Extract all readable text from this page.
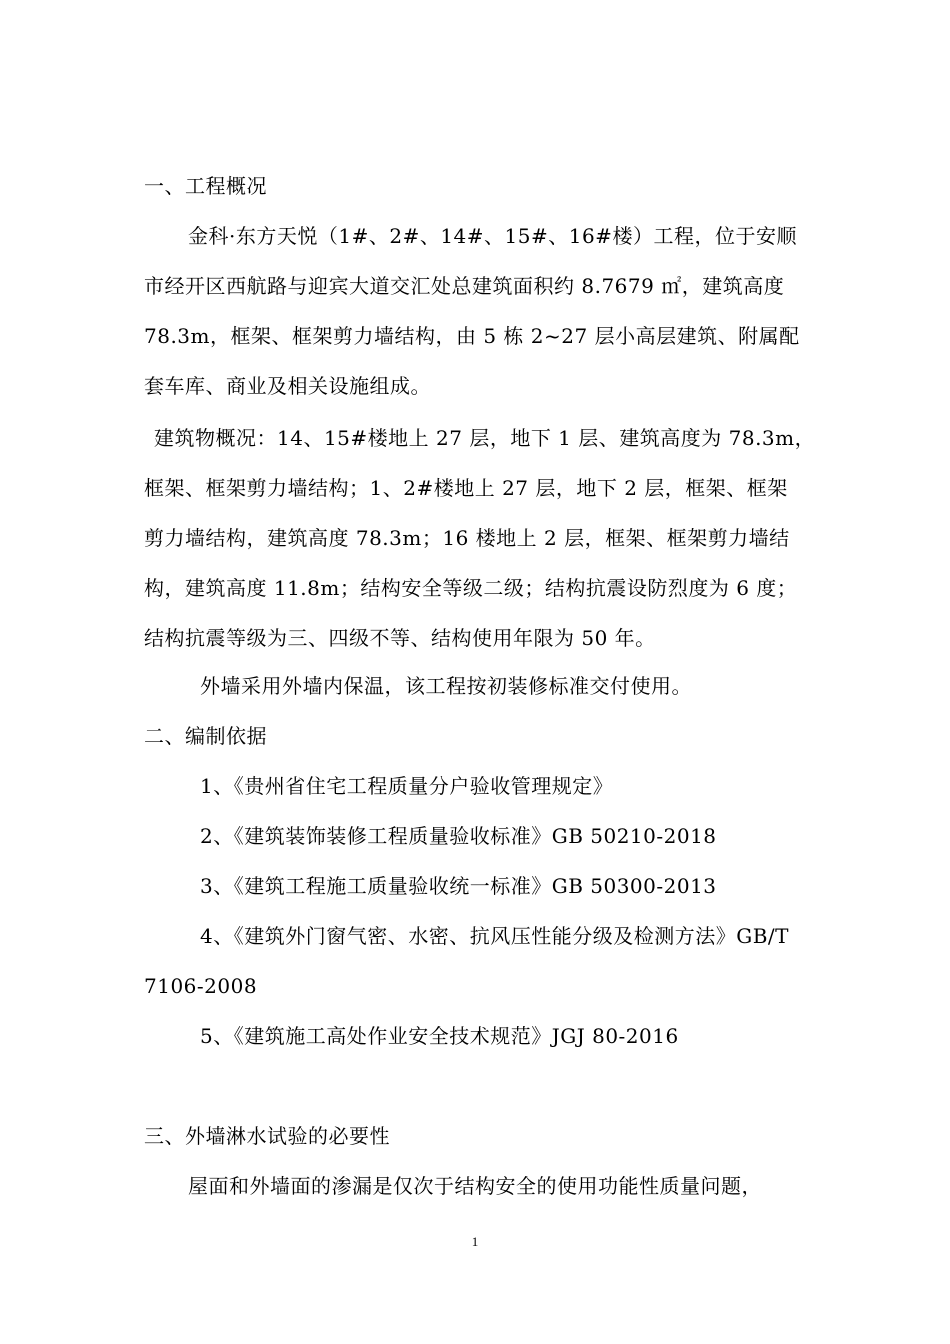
一、工程概况
金科·东方天悦（1#、2#、14#、15#、16#楼）工程，位于安顺
市经开区西航路与迎宾大道交汇处总建筑面积约 8.7679 ㎡，建筑高度
78.3m，框架、框架剪力墙结构，由 5 栋 2~27 层小高层建筑、附属配
套车库、商业及相关设施组成。
建筑物概况：14、15#楼地上 27 层，地下 1 层、建筑高度为 78.3m，
框架、框架剪力墙结构；1、2#楼地上 27 层，地下 2 层，框架、框架
剪力墙结构，建筑高度 78.3m；16 楼地上 2 层，框架、框架剪力墙结
构，建筑高度 11.8m；结构安全等级二级；结构抗震设防烈度为 6 度；
结构抗震等级为三、四级不等、结构使用年限为 50 年。
外墙采用外墙内保温，该工程按初装修标准交付使用。
二、编制依据
1、《贵州省住宅工程质量分户验收管理规定》
2、《建筑装饰装修工程质量验收标准》GB 50210-2018
3、《建筑工程施工质量验收统一标准》GB 50300-2013
4、《建筑外门窗气密、水密、抗风压性能分级及检测方法》GB/T
7106-2008
5、《建筑施工高处作业安全技术规范》JGJ 80-2016
三、外墙淋水试验的必要性
屋面和外墙面的渗漏是仅次于结构安全的使用功能性质量问题，
1
